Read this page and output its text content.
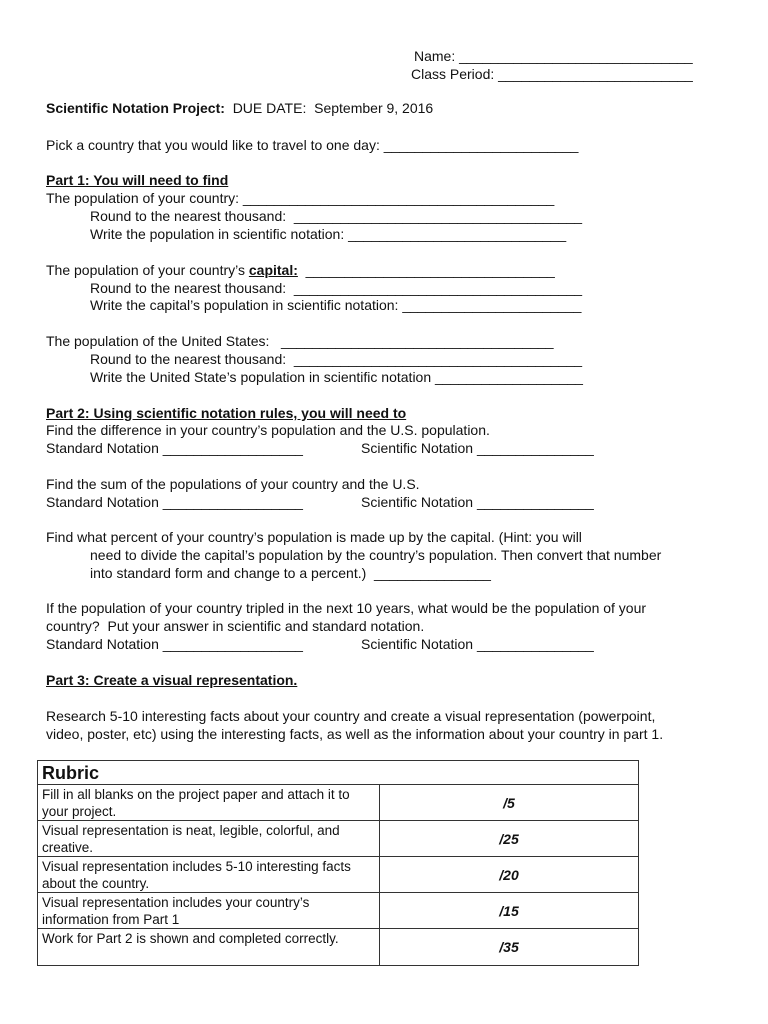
Name: ______________________________
Class Period: _________________________
Scientific Notation Project:  DUE DATE:  September 9, 2016
Pick a country that you would like to travel to one day: _________________________
Part 1: You will need to find
The population of your country: ________________________________________
Round to the nearest thousand:  _____________________________________
Write the population in scientific notation: ____________________________
The population of your country’s capital:  ________________________________
Round to the nearest thousand:  _____________________________________
Write the capital’s population in scientific notation: _______________________
The population of the United States:   ___________________________________
Round to the nearest thousand:  _____________________________________
Write the United State’s population in scientific notation ___________________
Part 2: Using scientific notation rules, you will need to
Find the difference in your country’s population and the U.S. population.
Standard Notation __________________	Scientific Notation _______________
Find the sum of the populations of your country and the U.S.
Standard Notation __________________	Scientific Notation _______________
Find what percent of your country’s population is made up by the capital. (Hint: you will
need to divide the capital’s population by the country’s population. Then convert that number
into standard form and change to a percent.)  _______________
If the population of your country tripled in the next 10 years, what would be the population of your
country?  Put your answer in scientific and standard notation.
Standard Notation __________________	Scientific Notation _______________
Part 3: Create a visual representation.
Research 5-10 interesting facts about your country and create a visual representation (powerpoint,
video, poster, etc) using the interesting facts, as well as the information about your country in part 1.
Rubric
Fill in all blanks on the project paper and attach it to your project.
/5
Visual representation is neat, legible, colorful, and creative.
/25
Visual representation includes 5-10 interesting facts about the country.
/20
Visual representation includes your country’s information from Part 1
/15
Work for Part 2 is shown and completed correctly.
/35
